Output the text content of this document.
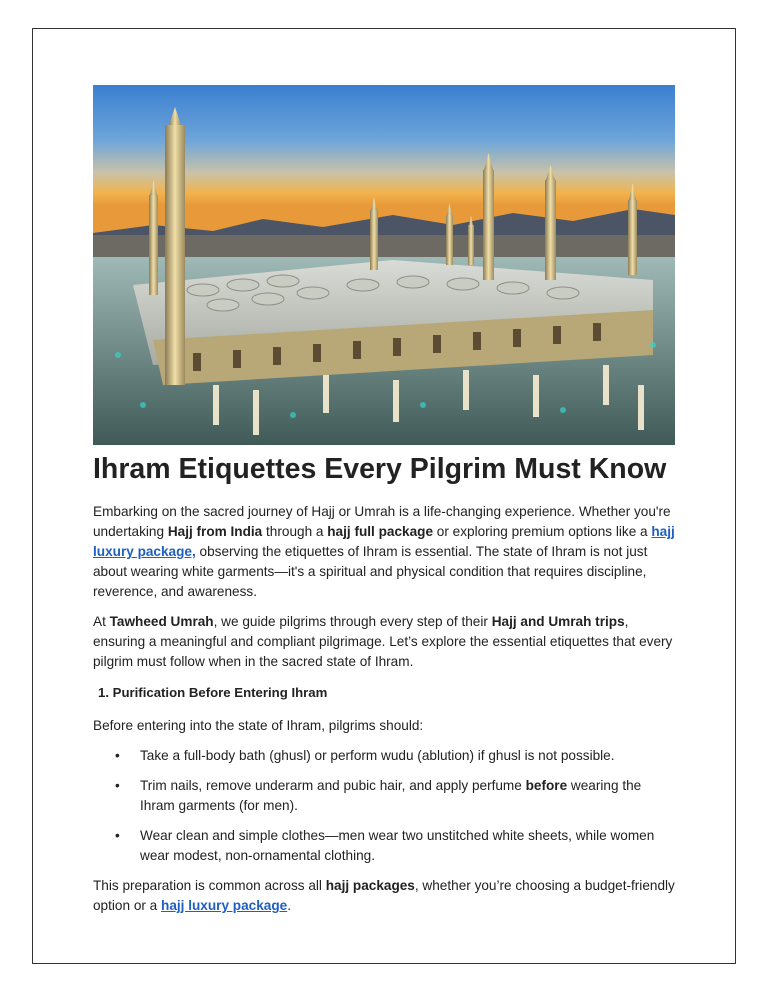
Ihram Etiquettes Every Pilgrim Must Know

Embarking on the sacred journey of Hajj or Umrah is a life-changing experience. Whether you're undertaking Hajj from India through a hajj full package or exploring premium options like a hajj luxury package, observing the etiquettes of Ihram is essential. The state of Ihram is not just about wearing white garments—it's a spiritual and physical condition that requires discipline, reverence, and awareness.

At Tawheed Umrah, we guide pilgrims through every step of their Hajj and Umrah trips, ensuring a meaningful and compliant pilgrimage. Let’s explore the essential etiquettes that every pilgrim must follow when in the sacred state of Ihram.

1. Purification Before Entering Ihram

Before entering into the state of Ihram, pilgrims should:

• Take a full-body bath (ghusl) or perform wudu (ablution) if ghusl is not possible.
• Trim nails, remove underarm and pubic hair, and apply perfume before wearing the Ihram garments (for men).
• Wear clean and simple clothes—men wear two unstitched white sheets, while women wear modest, non-ornamental clothing.

This preparation is common across all hajj packages, whether you’re choosing a budget-friendly option or a hajj luxury package.
